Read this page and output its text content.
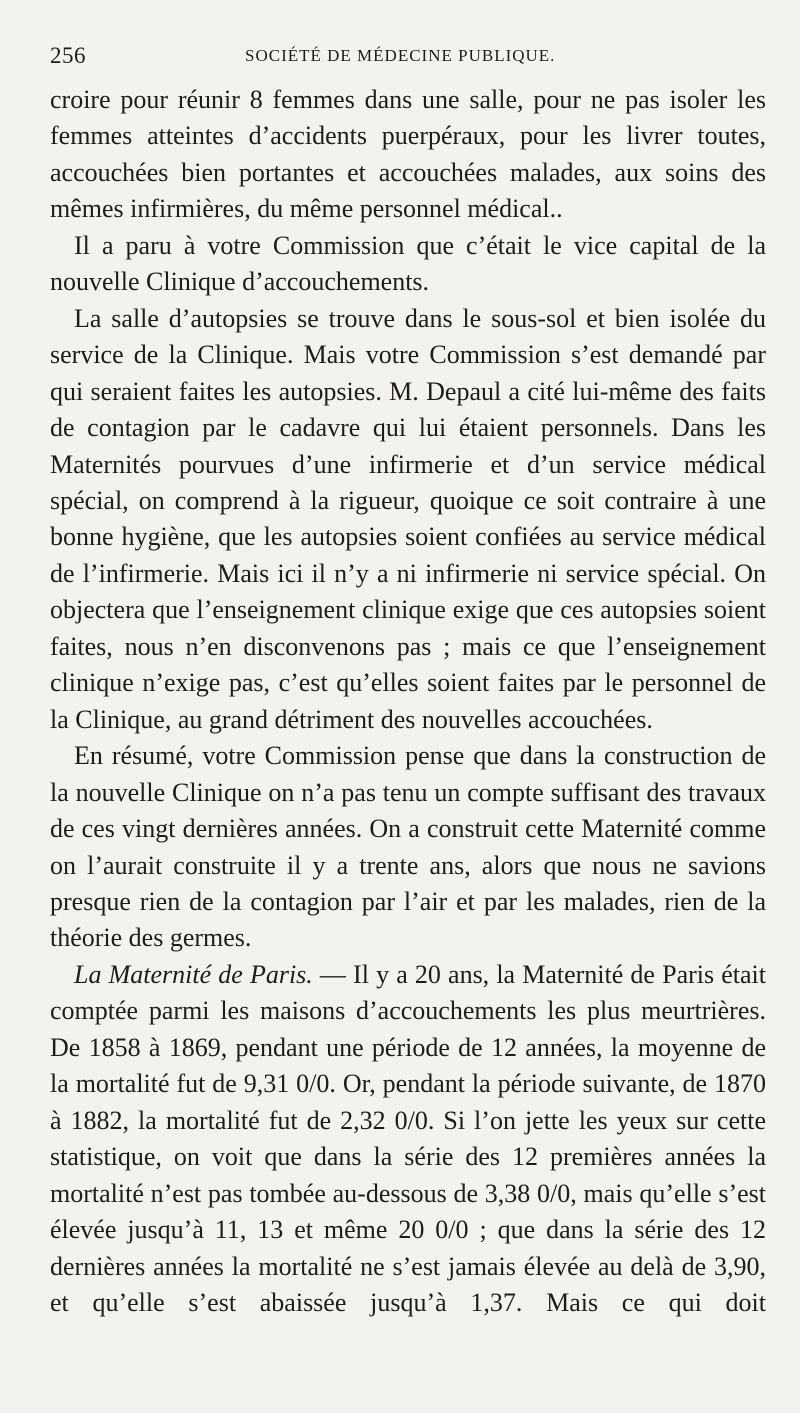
256	SOCIÉTÉ DE MÉDECINE PUBLIQUE.

croire pour réunir 8 femmes dans une salle, pour ne pas isoler les femmes atteintes d’accidents puerpéraux, pour les livrer toutes, accouchées bien portantes et accouchées malades, aux soins des mêmes infirmières, du même personnel médical..

Il a paru à votre Commission que c’était le vice capital de la nouvelle Clinique d’accouchements.

La salle d’autopsies se trouve dans le sous-sol et bien isolée du service de la Clinique. Mais votre Commission s’est demandé par qui seraient faites les autopsies. M. Depaul a cité lui-même des faits de contagion par le cadavre qui lui étaient personnels. Dans les Maternités pourvues d’une infirmerie et d’un service médical spécial, on comprend à la rigueur, quoique ce soit contraire à une bonne hygiène, que les autopsies soient confiées au service médical de l’infirmerie. Mais ici il n’y a ni infirmerie ni service spécial. On objectera que l’enseignement clinique exige que ces autopsies soient faites, nous n’en disconvenons pas ; mais ce que l’enseignement clinique n’exige pas, c’est qu’elles soient faites par le personnel de la Clinique, au grand détriment des nouvelles accouchées.

En résumé, votre Commission pense que dans la construction de la nouvelle Clinique on n’a pas tenu un compte suffisant des travaux de ces vingt dernières années. On a construit cette Maternité comme on l’aurait construite il y a trente ans, alors que nous ne savions presque rien de la contagion par l’air et par les malades, rien de la théorie des germes.

La Maternité de Paris. — Il y a 20 ans, la Maternité de Paris était comptée parmi les maisons d’accouchements les plus meurtrières. De 1858 à 1869, pendant une période de 12 années, la moyenne de la mortalité fut de 9,31 0/0. Or, pendant la période suivante, de 1870 à 1882, la mortalité fut de 2,32 0/0. Si l’on jette les yeux sur cette statistique, on voit que dans la série des 12 premières années la mortalité n’est pas tombée au-dessous de 3,38 0/0, mais qu’elle s’est élevée jusqu’à 11, 13 et même 20 0/0 ; que dans la série des 12 dernières années la mortalité ne s’est jamais élevée au delà de 3,90, et qu’elle s’est abaissée jusqu’à 1,37. Mais ce qui doit
